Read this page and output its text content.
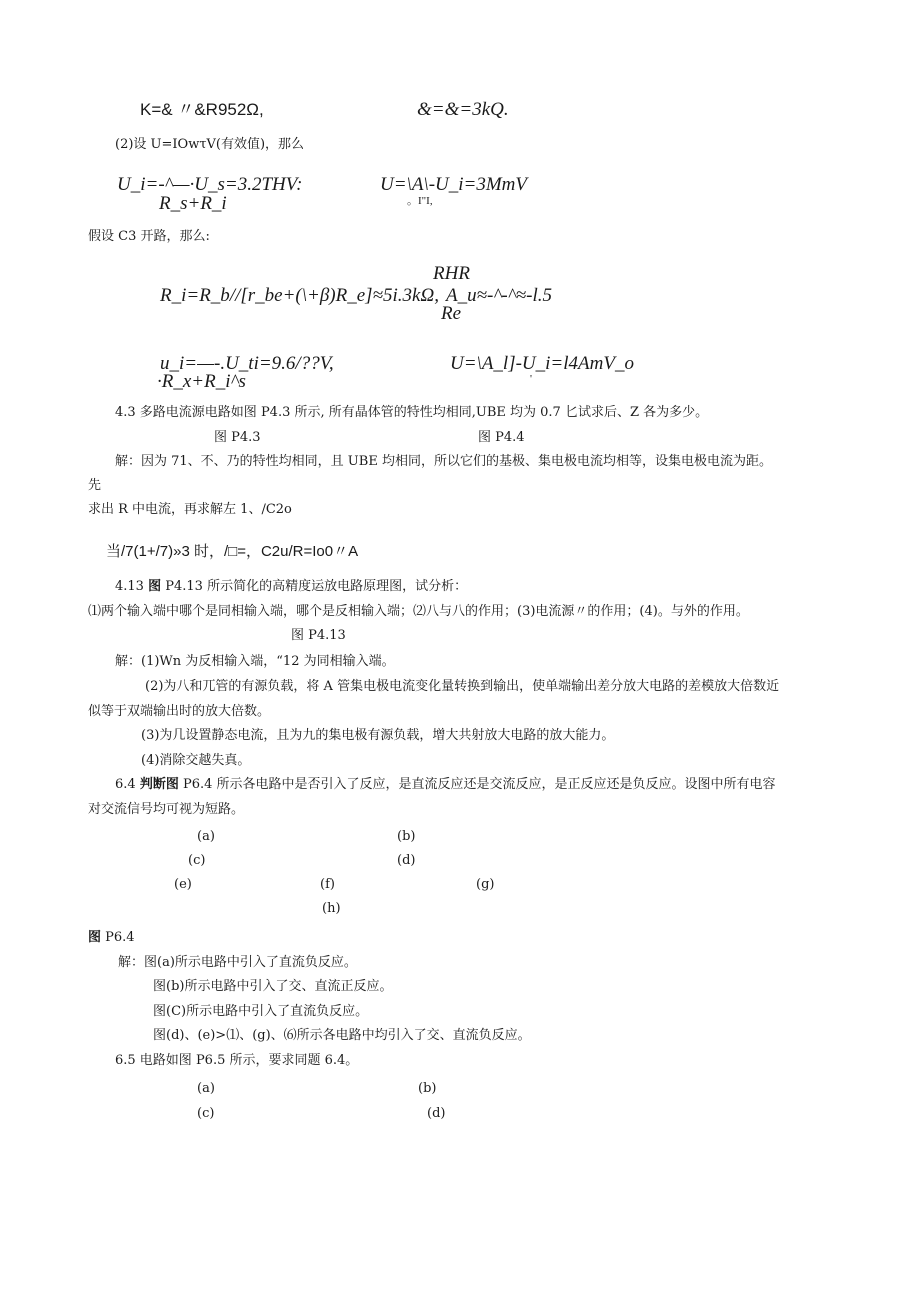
K=& 〃&R952Ω,	&=&=3kQ.
(2)设 U=IOwτV(有效值)，那么
U_i=-^—·U_s=3.2THV:
R_s+R_i
U=\A\-U_i=3MmV
。I"I,
假设 C3 开路，那么:
RHR
R_i=R_b//[r_be+(\+β)R_e]≈5i.3kΩ, A_u≈-^-^≈-l.5
Re
u_i=—-.U_ti=9.6/??V,
·R_x+R_i^s
U=\A_l]-U_i=l4AmV_o
'
4.3 多路电流源电路如图 P4.3 所示, 所有晶体管的特性均相同,UBE 均为 0.7 匕试求后、Z 各为多少。
图 P4.3	图 P4.4
解：因为 71、不、乃的特性均相同，且 UBE 均相同，所以它们的基极、集电极电流均相等，设集电极电流为距。
先
求出 R 中电流，再求解左 1、/C2o
当/7(1+/7)»3 时，/□=，C2u/R=Io0〃A
4.13 图 P4.13 所示简化的高精度运放电路原理图，试分析：
⑴两个输入端中哪个是同相输入端，哪个是反相输入端；⑵八与八的作用；(3)电流源〃的作用；(4)。与外的作用。
图 P4.13
解：(1)Wn 为反相输入端，“12 为同相输入端。
(2)为八和兀管的有源负载，将 A 管集电极电流变化量转换到输出，使单端输出差分放大电路的差模放大倍数近
似等于双端输出时的放大倍数。
(3)为几设置静态电流，且为九的集电极有源负载，增大共射放大电路的放大能力。
(4)消除交越失真。
6.4 判断图 P6.4 所示各电路中是否引入了反应，是直流反应还是交流反应，是正反应还是负反应。设图中所有电容
对交流信号均可视为短路。
(a)	(b)
(c)	(d)
(e)	(f)	(g)
(h)
图 P6.4
解：图(a)所示电路中引入了直流负反应。
图(b)所示电路中引入了交、直流正反应。
图(C)所示电路中引入了直流负反应。
图(d)、(e)>⑴、(g)、⑹所示各电路中均引入了交、直流负反应。
6.5 电路如图 P6.5 所示，要求同题 6.4。
(a)	(b)
(c)	(d)
